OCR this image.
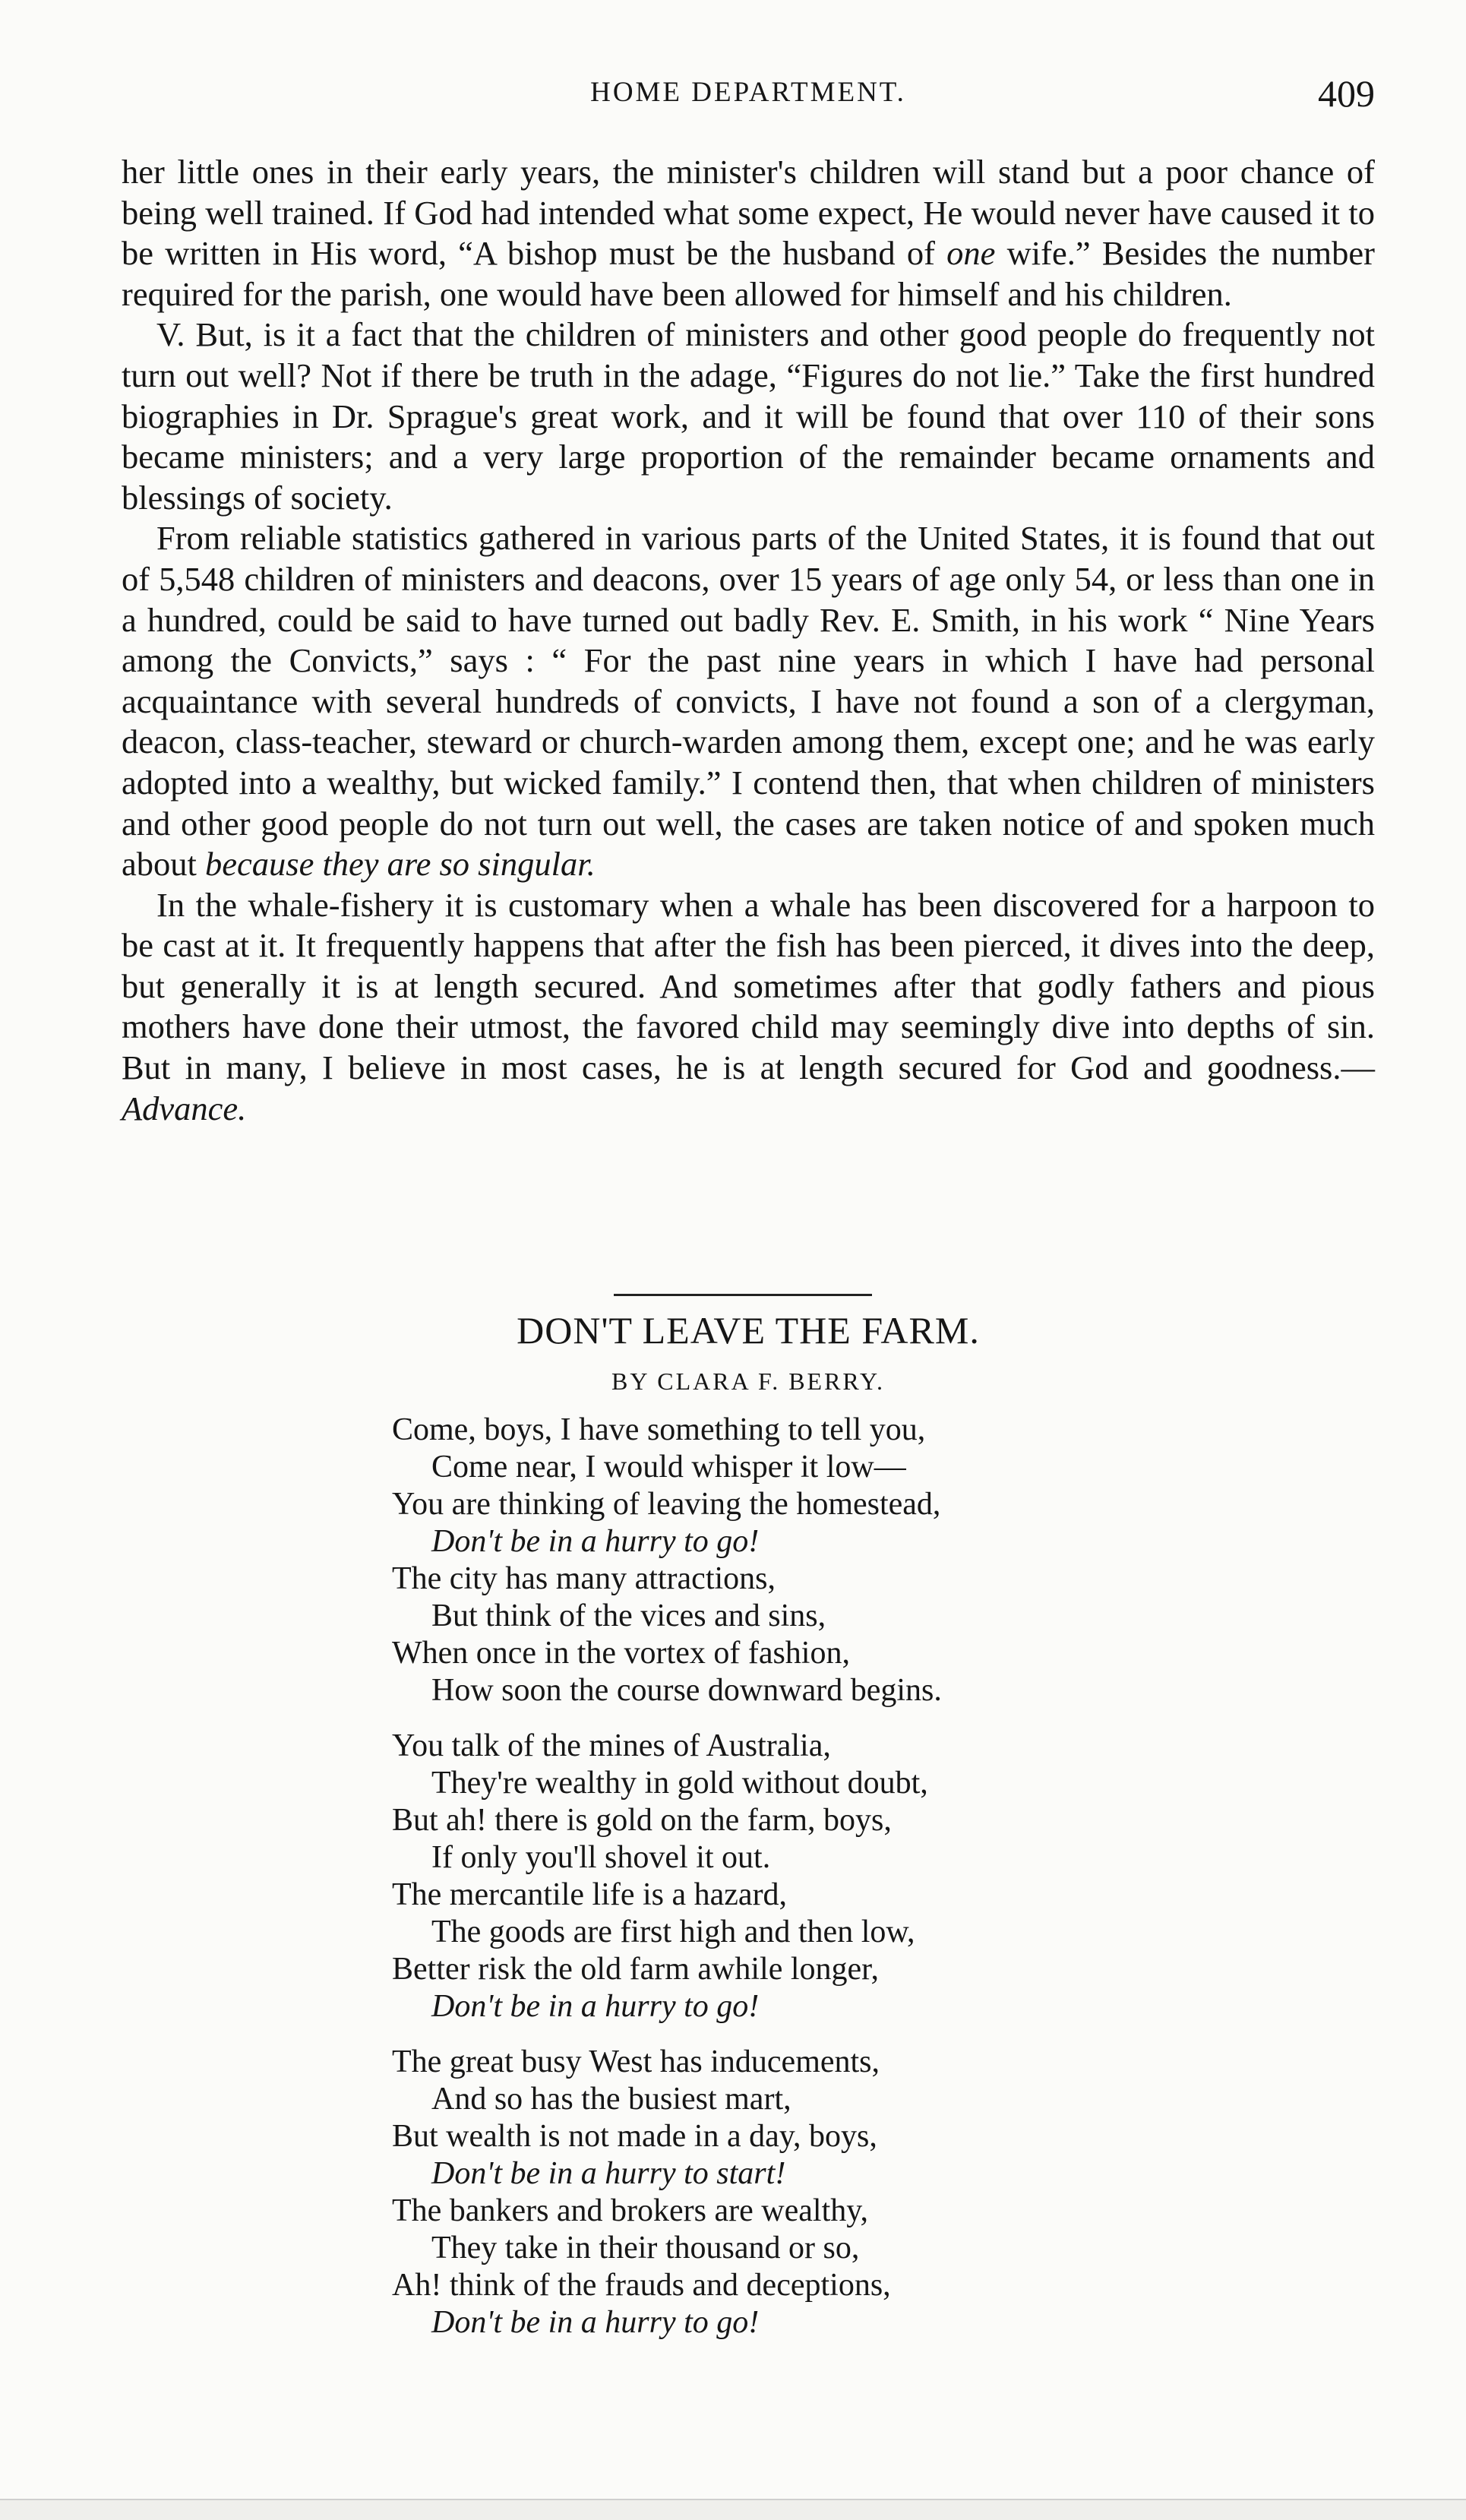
HOME DEPARTMENT.	409

her little ones in their early years, the minister's children will stand but a poor chance of being well trained. If God had intended what some expect, He would never have caused it to be written in His word, “A bishop must be the husband of one wife.” Besides the number required for the parish, one would have been allowed for himself and his children.

V. But, is it a fact that the children of ministers and other good people do frequently not turn out well? Not if there be truth in the adage, “Figures do not lie.” Take the first hundred biographies in Dr. Sprague's great work, and it will be found that over 110 of their sons became ministers; and a very large proportion of the remainder became ornaments and blessings of society.

From reliable statistics gathered in various parts of the United States, it is found that out of 5,548 children of ministers and deacons, over 15 years of age only 54, or less than one in a hundred, could be said to have turned out badly Rev. E. Smith, in his work “ Nine Years among the Convicts,” says : “ For the past nine years in which I have had personal acquaintance with several hundreds of convicts, I have not found a son of a clergyman, deacon, class-teacher, steward or church-warden among them, except one; and he was early adopted into a wealthy, but wicked family.” I contend then, that when children of ministers and other good people do not turn out well, the cases are taken notice of and spoken much about because they are so singular.

In the whale-fishery it is customary when a whale has been discovered for a harpoon to be cast at it. It frequently happens that after the fish has been pierced, it dives into the deep, but generally it is at length secured. And sometimes after that godly fathers and pious mothers have done their utmost, the favored child may seemingly dive into depths of sin. But in many, I believe in most cases, he is at length secured for God and goodness.—Advance.

DON'T LEAVE THE FARM.
BY CLARA F. BERRY.
Come, boys, I have something to tell you,
Come near, I would whisper it low—
You are thinking of leaving the homestead,
Don't be in a hurry to go!
The city has many attractions,
But think of the vices and sins,
When once in the vortex of fashion,
How soon the course downward begins.
You talk of the mines of Australia,
They're wealthy in gold without doubt,
But ah! there is gold on the farm, boys,
If only you'll shovel it out.
The mercantile life is a hazard,
The goods are first high and then low,
Better risk the old farm awhile longer,
Don't be in a hurry to go!
The great busy West has inducements,
And so has the busiest mart,
But wealth is not made in a day, boys,
Don't be in a hurry to start!
The bankers and brokers are wealthy,
They take in their thousand or so,
Ah! think of the frauds and deceptions,
Don't be in a hurry to go!
